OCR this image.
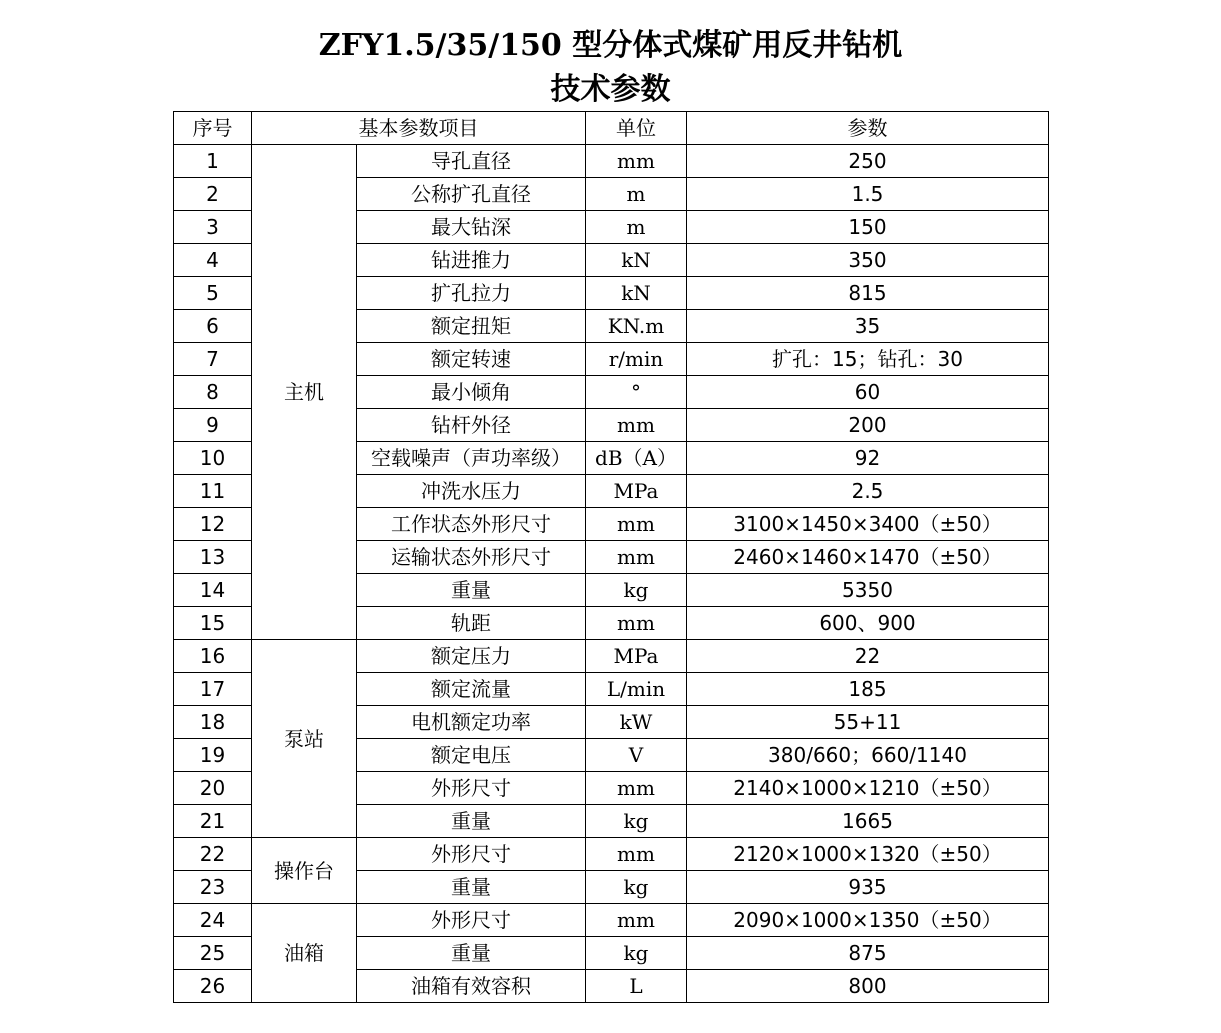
ZFY1.5/35/150 型分体式煤矿用反井钻机
技术参数
序号	基本参数项目		单位	参数
1	主机	导孔直径	mm	250
2		公称扩孔直径	m	1.5
3		最大钻深	m	150
4		钻进推力	kN	350
5		扩孔拉力	kN	815
6		额定扭矩	KN.m	35
7		额定转速	r/min	扩孔：15；钻孔：30
8		最小倾角	°	60
9		钻杆外径	mm	200
10		空载噪声（声功率级）	dB（A）	92
11		冲洗水压力	MPa	2.5
12		工作状态外形尺寸	mm	3100×1450×3400（±50）
13		运输状态外形尺寸	mm	2460×1460×1470（±50）
14		重量	kg	5350
15		轨距	mm	600、900
16	泵站	额定压力	MPa	22
17		额定流量	L/min	185
18		电机额定功率	kW	55+11
19		额定电压	V	380/660；660/1140
20		外形尺寸	mm	2140×1000×1210（±50）
21		重量	kg	1665
22	操作台	外形尺寸	mm	2120×1000×1320（±50）
23		重量	kg	935
24	油箱	外形尺寸	mm	2090×1000×1350（±50）
25		重量	kg	875
26		油箱有效容积	L	800
